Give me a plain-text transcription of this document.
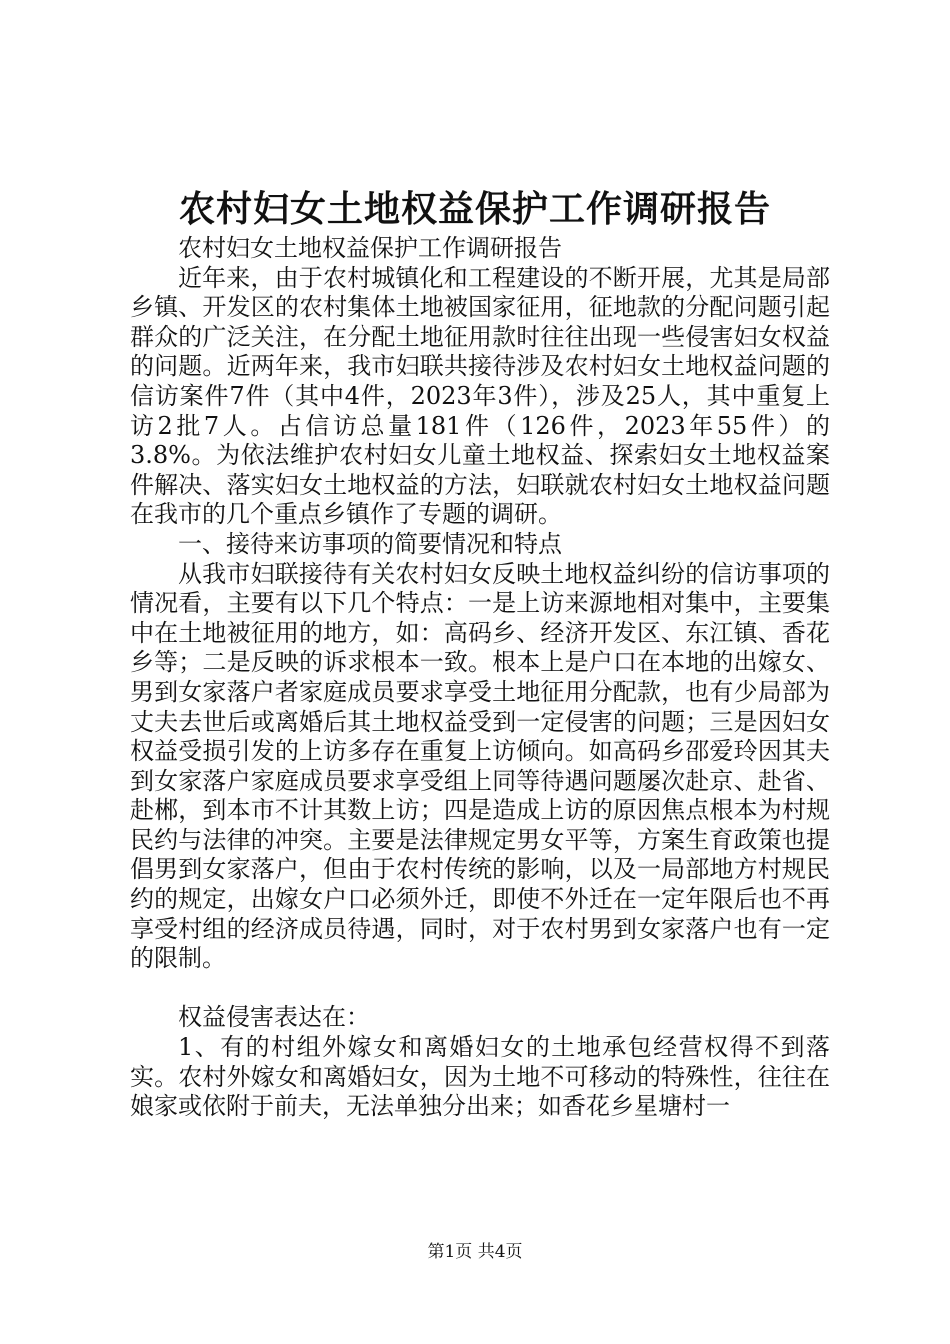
农村妇女土地权益保护工作调研报告

农村妇女土地权益保护工作调研报告

近年来，由于农村城镇化和工程建设的不断开展，尤其是局部乡镇、开发区的农村集体土地被国家征用，征地款的分配问题引起群众的广泛关注，在分配土地征用款时往往出现一些侵害妇女权益的问题。近两年来，我市妇联共接待涉及农村妇女土地权益问题的信访案件7件（其中4件，2023年3件），涉及25人，其中重复上访2批7人。占信访总量181件（126件，2023年55件）的3.8%。为依法维护农村妇女儿童土地权益、探索妇女土地权益案件解决、落实妇女土地权益的方法，妇联就农村妇女土地权益问题在我市的几个重点乡镇作了专题的调研。

一、接待来访事项的简要情况和特点

从我市妇联接待有关农村妇女反映土地权益纠纷的信访事项的情况看，主要有以下几个特点：一是上访来源地相对集中，主要集中在土地被征用的地方，如：高码乡、经济开发区、东江镇、香花乡等；二是反映的诉求根本一致。根本上是户口在本地的出嫁女、男到女家落户者家庭成员要求享受土地征用分配款，也有少局部为丈夫去世后或离婚后其土地权益受到一定侵害的问题；三是因妇女权益受损引发的上访多存在重复上访倾向。如高码乡邵爱玲因其夫到女家落户家庭成员要求享受组上同等待遇问题屡次赴京、赴省、赴郴，到本市不计其数上访；四是造成上访的原因焦点根本为村规民约与法律的冲突。主要是法律规定男女平等，方案生育政策也提倡男到女家落户，但由于农村传统的影响，以及一局部地方村规民约的规定，出嫁女户口必须外迁，即使不外迁在一定年限后也不再享受村组的经济成员待遇，同时，对于农村男到女家落户也有一定的限制。

权益侵害表达在：

1、有的村组外嫁女和离婚妇女的土地承包经营权得不到落实。农村外嫁女和离婚妇女，因为土地不可移动的特殊性，往往在娘家或依附于前夫，无法单独分出来；如香花乡星塘村一

第1页 共4页
